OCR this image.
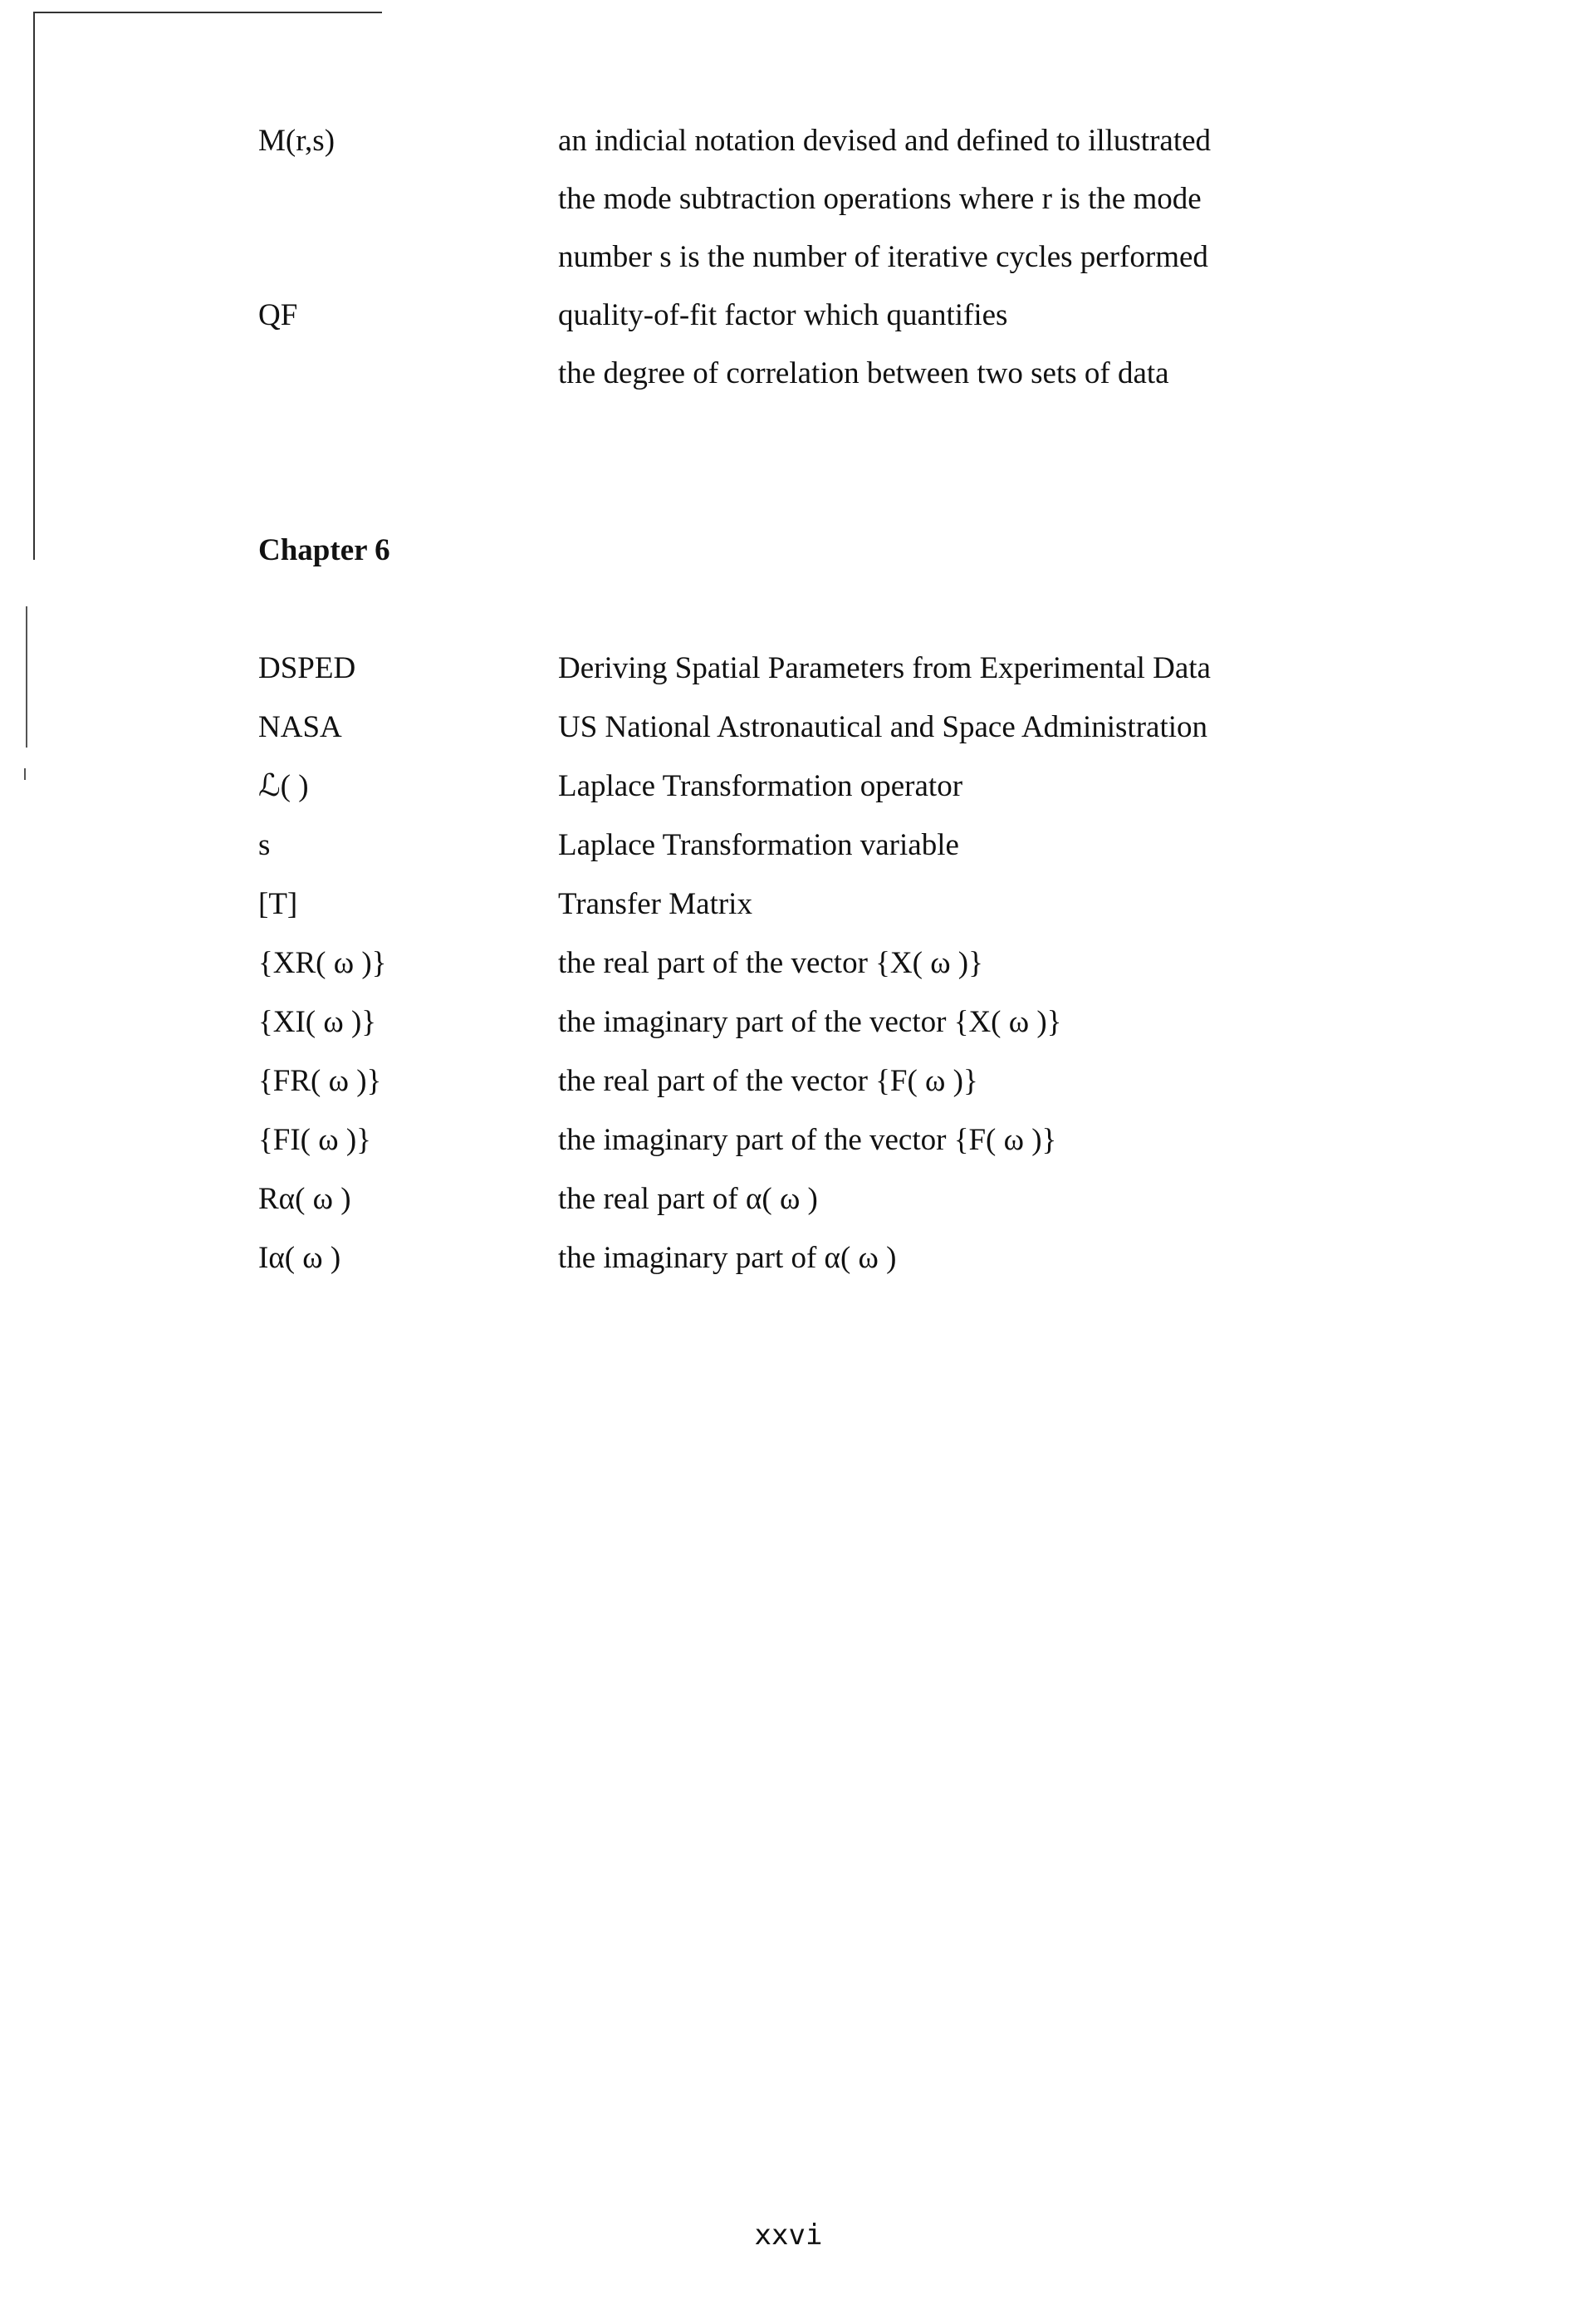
M(r,s)	an indicial notation devised and defined to illustrated
the mode subtraction operations where r is the mode
number s is the number of iterative cycles performed
QF	quality-of-fit factor which quantifies
the degree of correlation between two sets of data
Chapter 6
DSPED	Deriving Spatial Parameters from Experimental Data
NASA	US National Astronautical and Space Administration
ℒ( )	Laplace Transformation operator
s	Laplace Transformation variable
[T]	Transfer Matrix
{XR( ω )}	the real part of the vector {X( ω )}
{XI( ω )}	the imaginary part of the vector {X( ω )}
{FR( ω )}	the real part of the vector {F( ω )}
{FI( ω )}	the imaginary part of the vector {F( ω )}
Rα( ω )	the real part of α( ω )
Iα( ω )	the imaginary part of α( ω )
xxvi
